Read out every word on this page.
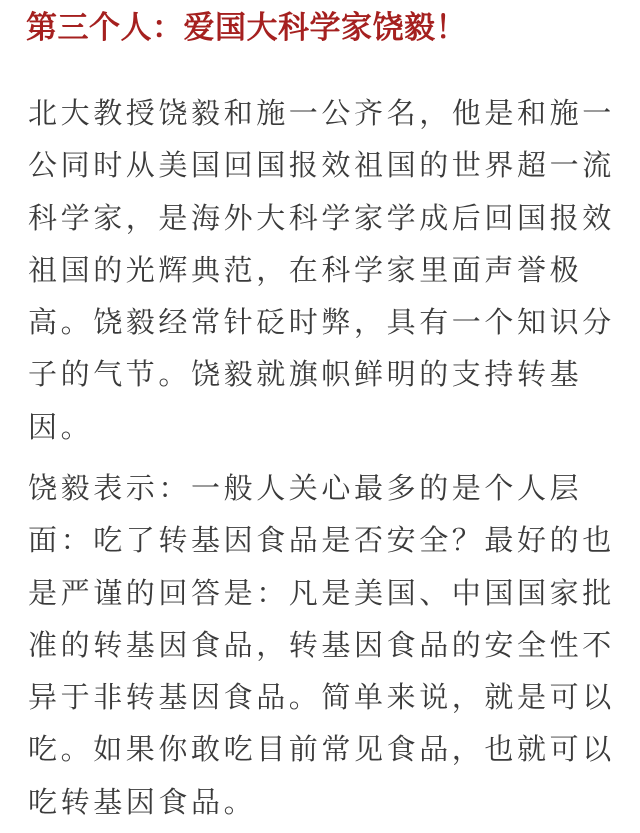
第三个人：爱国大科学家饶毅！

北大教授饶毅和施一公齐名，他是和施一
公同时从美国回国报效祖国的世界超一流
科学家，是海外大科学家学成后回国报效
祖国的光辉典范，在科学家里面声誉极
高。饶毅经常针砭时弊，具有一个知识分
子的气节。饶毅就旗帜鲜明的支持转基
因。

饶毅表示：一般人关心最多的是个人层
面：吃了转基因食品是否安全？最好的也
是严谨的回答是：凡是美国、中国国家批
准的转基因食品，转基因食品的安全性不
异于非转基因食品。简单来说，就是可以
吃。如果你敢吃目前常见食品，也就可以
吃转基因食品。
